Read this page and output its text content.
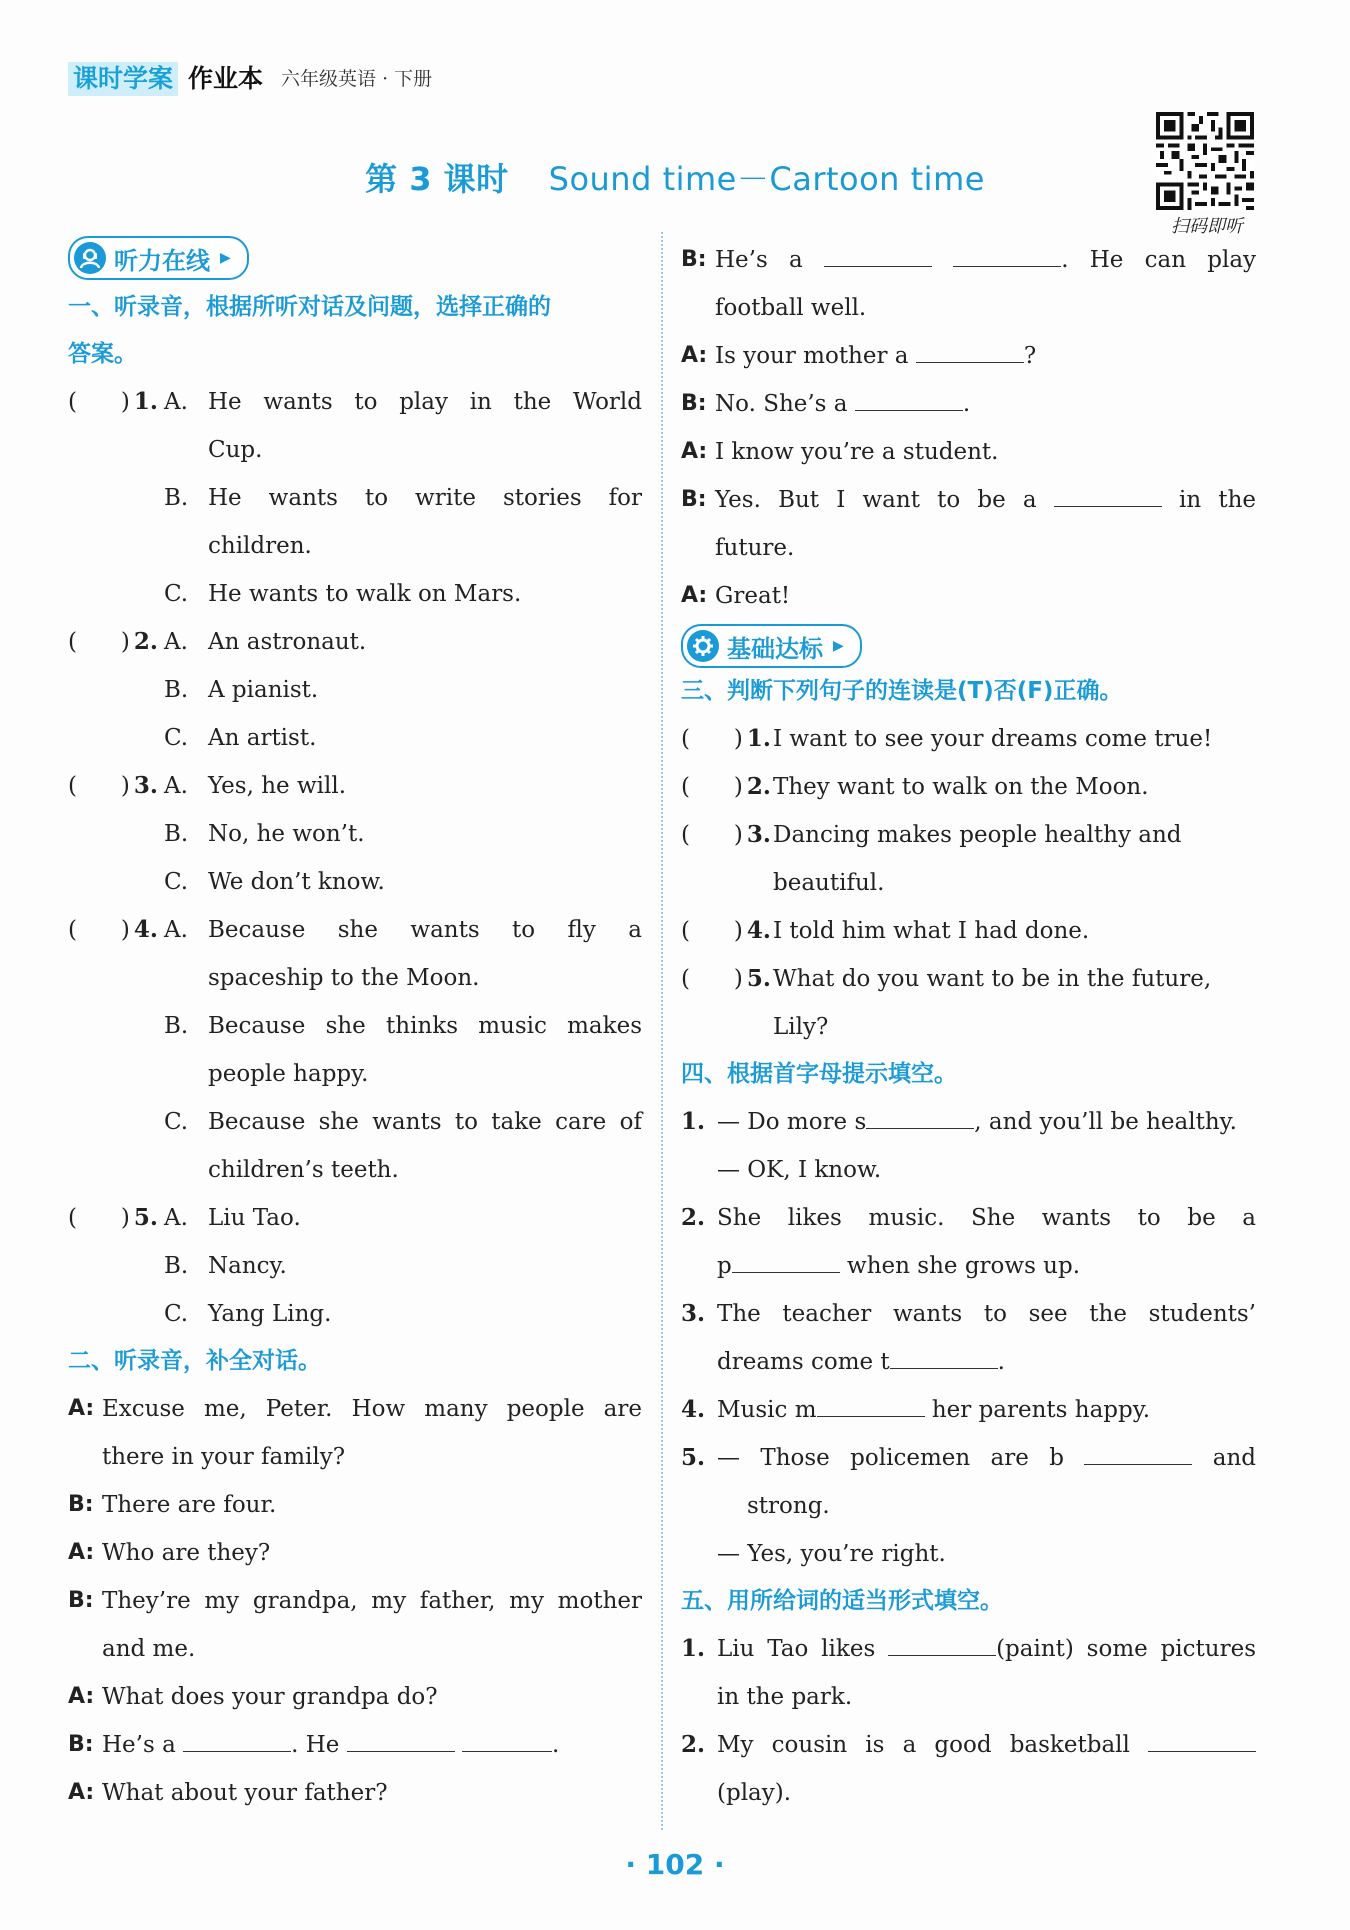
课时学案 作业本 六年级英语 · 下册
第 3 课时 Sound time－Cartoon time
扫码即听
听力在线 ▶
一、听录音，根据所听对话及问题，选择正确的
答案。
(      ) 1. A. He wants to play in the World
Cup.
B. He wants to write stories for
children.
C. He wants to walk on Mars.
(      ) 2. A. An astronaut.
B. A pianist.
C. An artist.
(      ) 3. A. Yes, he will.
B. No, he won’t.
C. We don’t know.
(      ) 4. A. Because she wants to fly a
spaceship to the Moon.
B. Because she thinks music makes
people happy.
C. Because she wants to take care of
children’s teeth.
(      ) 5. A. Liu Tao.
B. Nancy.
C. Yang Ling.
二、听录音，补全对话。
A: Excuse me, Peter. How many people are
there in your family?
B: There are four.
A: Who are they?
B: They’re my grandpa, my father, my mother
and me.
A: What does your grandpa do?
B: He’s a	. He	.
A: What about your father?
B: He’s a	. He can play
football well.
A: Is your mother a	?
B: No. She’s a	.
A: I know you’re a student.
B: Yes. But I want to be a	in the
future.
A: Great!
基础达标 ▶
三、判断下列句子的连读是(T)否(F)正确。
(      ) 1. I want to see your dreams come true!
(      ) 2. They want to walk on the Moon.
(      ) 3. Dancing makes people healthy and
beautiful.
(      ) 4. I told him what I had done.
(      ) 5. What do you want to be in the future,
Lily?
四、根据首字母提示填空。
1. — Do more s	, and you’ll be healthy.
— OK, I know.
2. She likes music. She wants to be a
p	when she grows up.
3. The teacher wants to see the students’
dreams come t	.
4. Music m	her parents happy.
5. — Those policemen are b	and
strong.
— Yes, you’re right.
五、用所给词的适当形式填空。
1. Liu Tao likes	(paint) some pictures
in the park.
2. My cousin is a good basketball
(play).
· 102 ·
